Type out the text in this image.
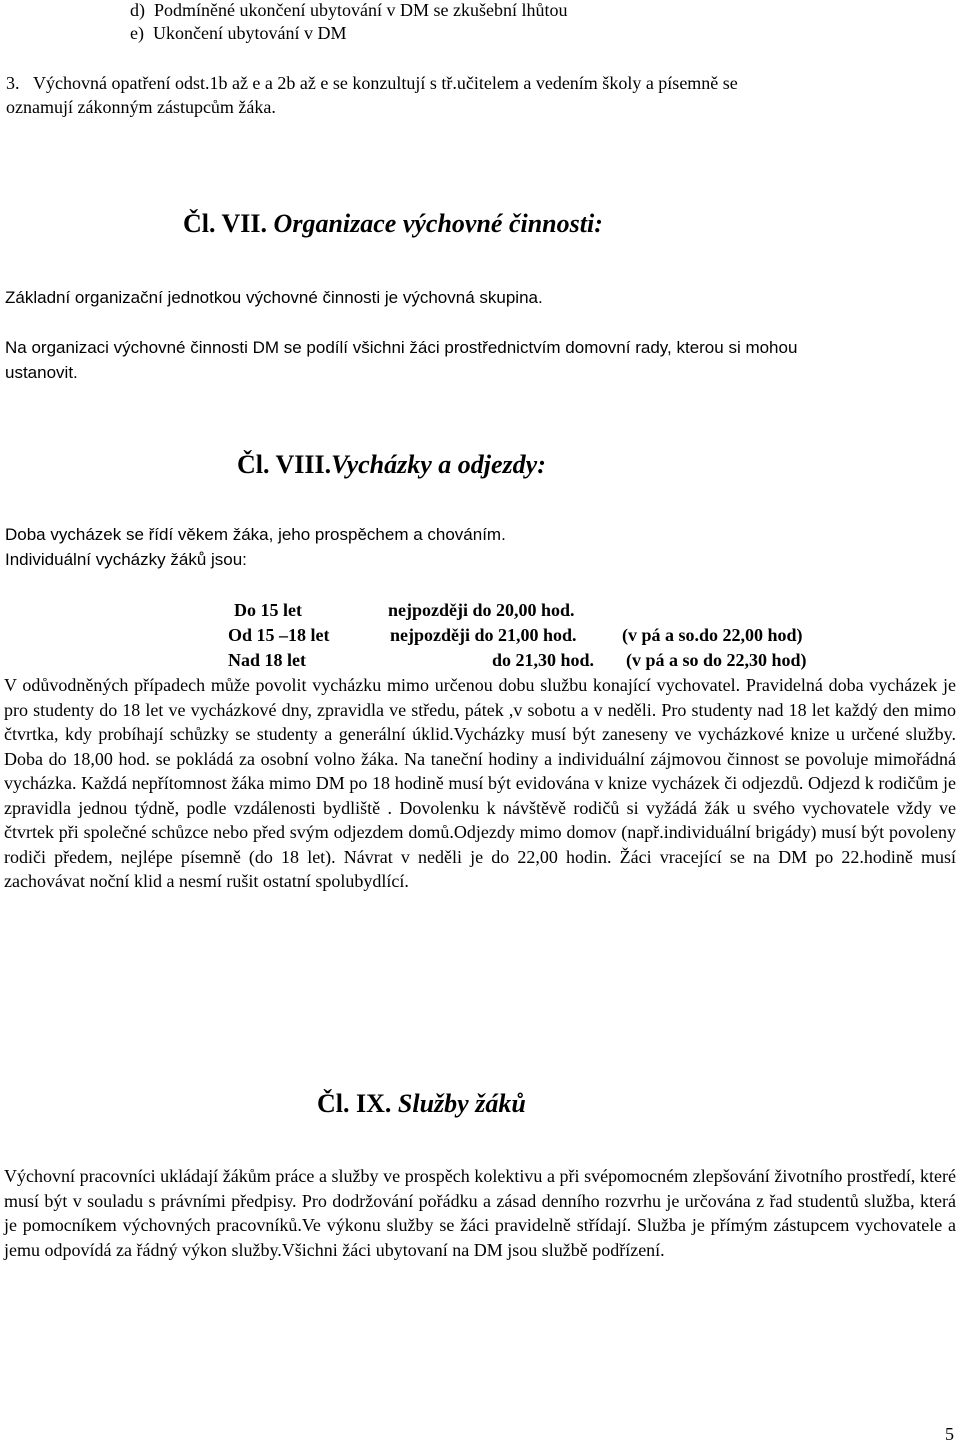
d)  Podmíněné ukončení ubytování v DM se zkušební lhůtou
e)  Ukončení ubytování v DM
3.   Výchovná opatření odst.1b až e a 2b až e se konzultují s tř.učitelem a vedením školy a písemně se
oznamují zákonným zástupcům žáka.
Čl. VII. Organizace výchovné činnosti:
Základní organizační jednotkou výchovné činnosti je výchovná skupina.
Na organizaci výchovné činnosti DM se podílí všichni žáci prostřednictvím domovní rady, kterou si mohou
ustanovit.
Čl. VIII.Vycházky a odjezdy:
Doba vycházek se řídí věkem žáka, jeho prospěchem a chováním.
Individuální vycházky žáků jsou:
Do 15 let	nejpozději do 20,00 hod.
Od 15 –18 let	nejpozději do 21,00 hod.	(v pá a so.do 22,00 hod)
Nad 18 let	do 21,30 hod. (v pá a so do 22,30 hod)
V odůvodněných případech může povolit vycházku mimo určenou dobu službu konající vychovatel. Pravidelná doba vycházek je pro studenty do 18 let ve vycházkové dny, zpravidla ve středu, pátek ,v sobotu a v neděli. Pro studenty nad 18 let každý den mimo čtvrtka, kdy probíhají schůzky se studenty a generální úklid.Vycházky musí být zaneseny ve vycházkové knize u určené služby. Doba do 18,00 hod. se pokládá za osobní volno žáka. Na taneční hodiny a individuální zájmovou činnost se povoluje mimořádná vycházka. Každá nepřítomnost žáka mimo DM po 18 hodině musí být evidována v knize vycházek či odjezdů. Odjezd k rodičům je zpravidla jednou týdně, podle vzdálenosti bydliště . Dovolenku k návštěvě rodičů si vyžádá žák u svého vychovatele vždy ve čtvrtek při společné schůzce nebo před svým odjezdem domů.Odjezdy mimo domov (např.individuální brigády) musí být povoleny rodiči předem, nejlépe písemně (do 18 let). Návrat v neděli je do 22,00 hodin. Žáci vracející se na DM po 22.hodině musí zachovávat noční klid a nesmí rušit ostatní spolubydlící.
Čl. IX. Služby žáků
Výchovní pracovníci ukládají žákům práce a služby ve prospěch kolektivu a při svépomocném zlepšování životního prostředí, které musí být v souladu s právními předpisy. Pro dodržování pořádku a zásad denního rozvrhu je určována z řad studentů služba, která je pomocníkem výchovných pracovníků.Ve výkonu služby se žáci pravidelně střídají. Služba je přímým zástupcem vychovatele a jemu odpovídá za řádný výkon služby.Všichni žáci ubytovaní na DM jsou službě podřízení.
5
